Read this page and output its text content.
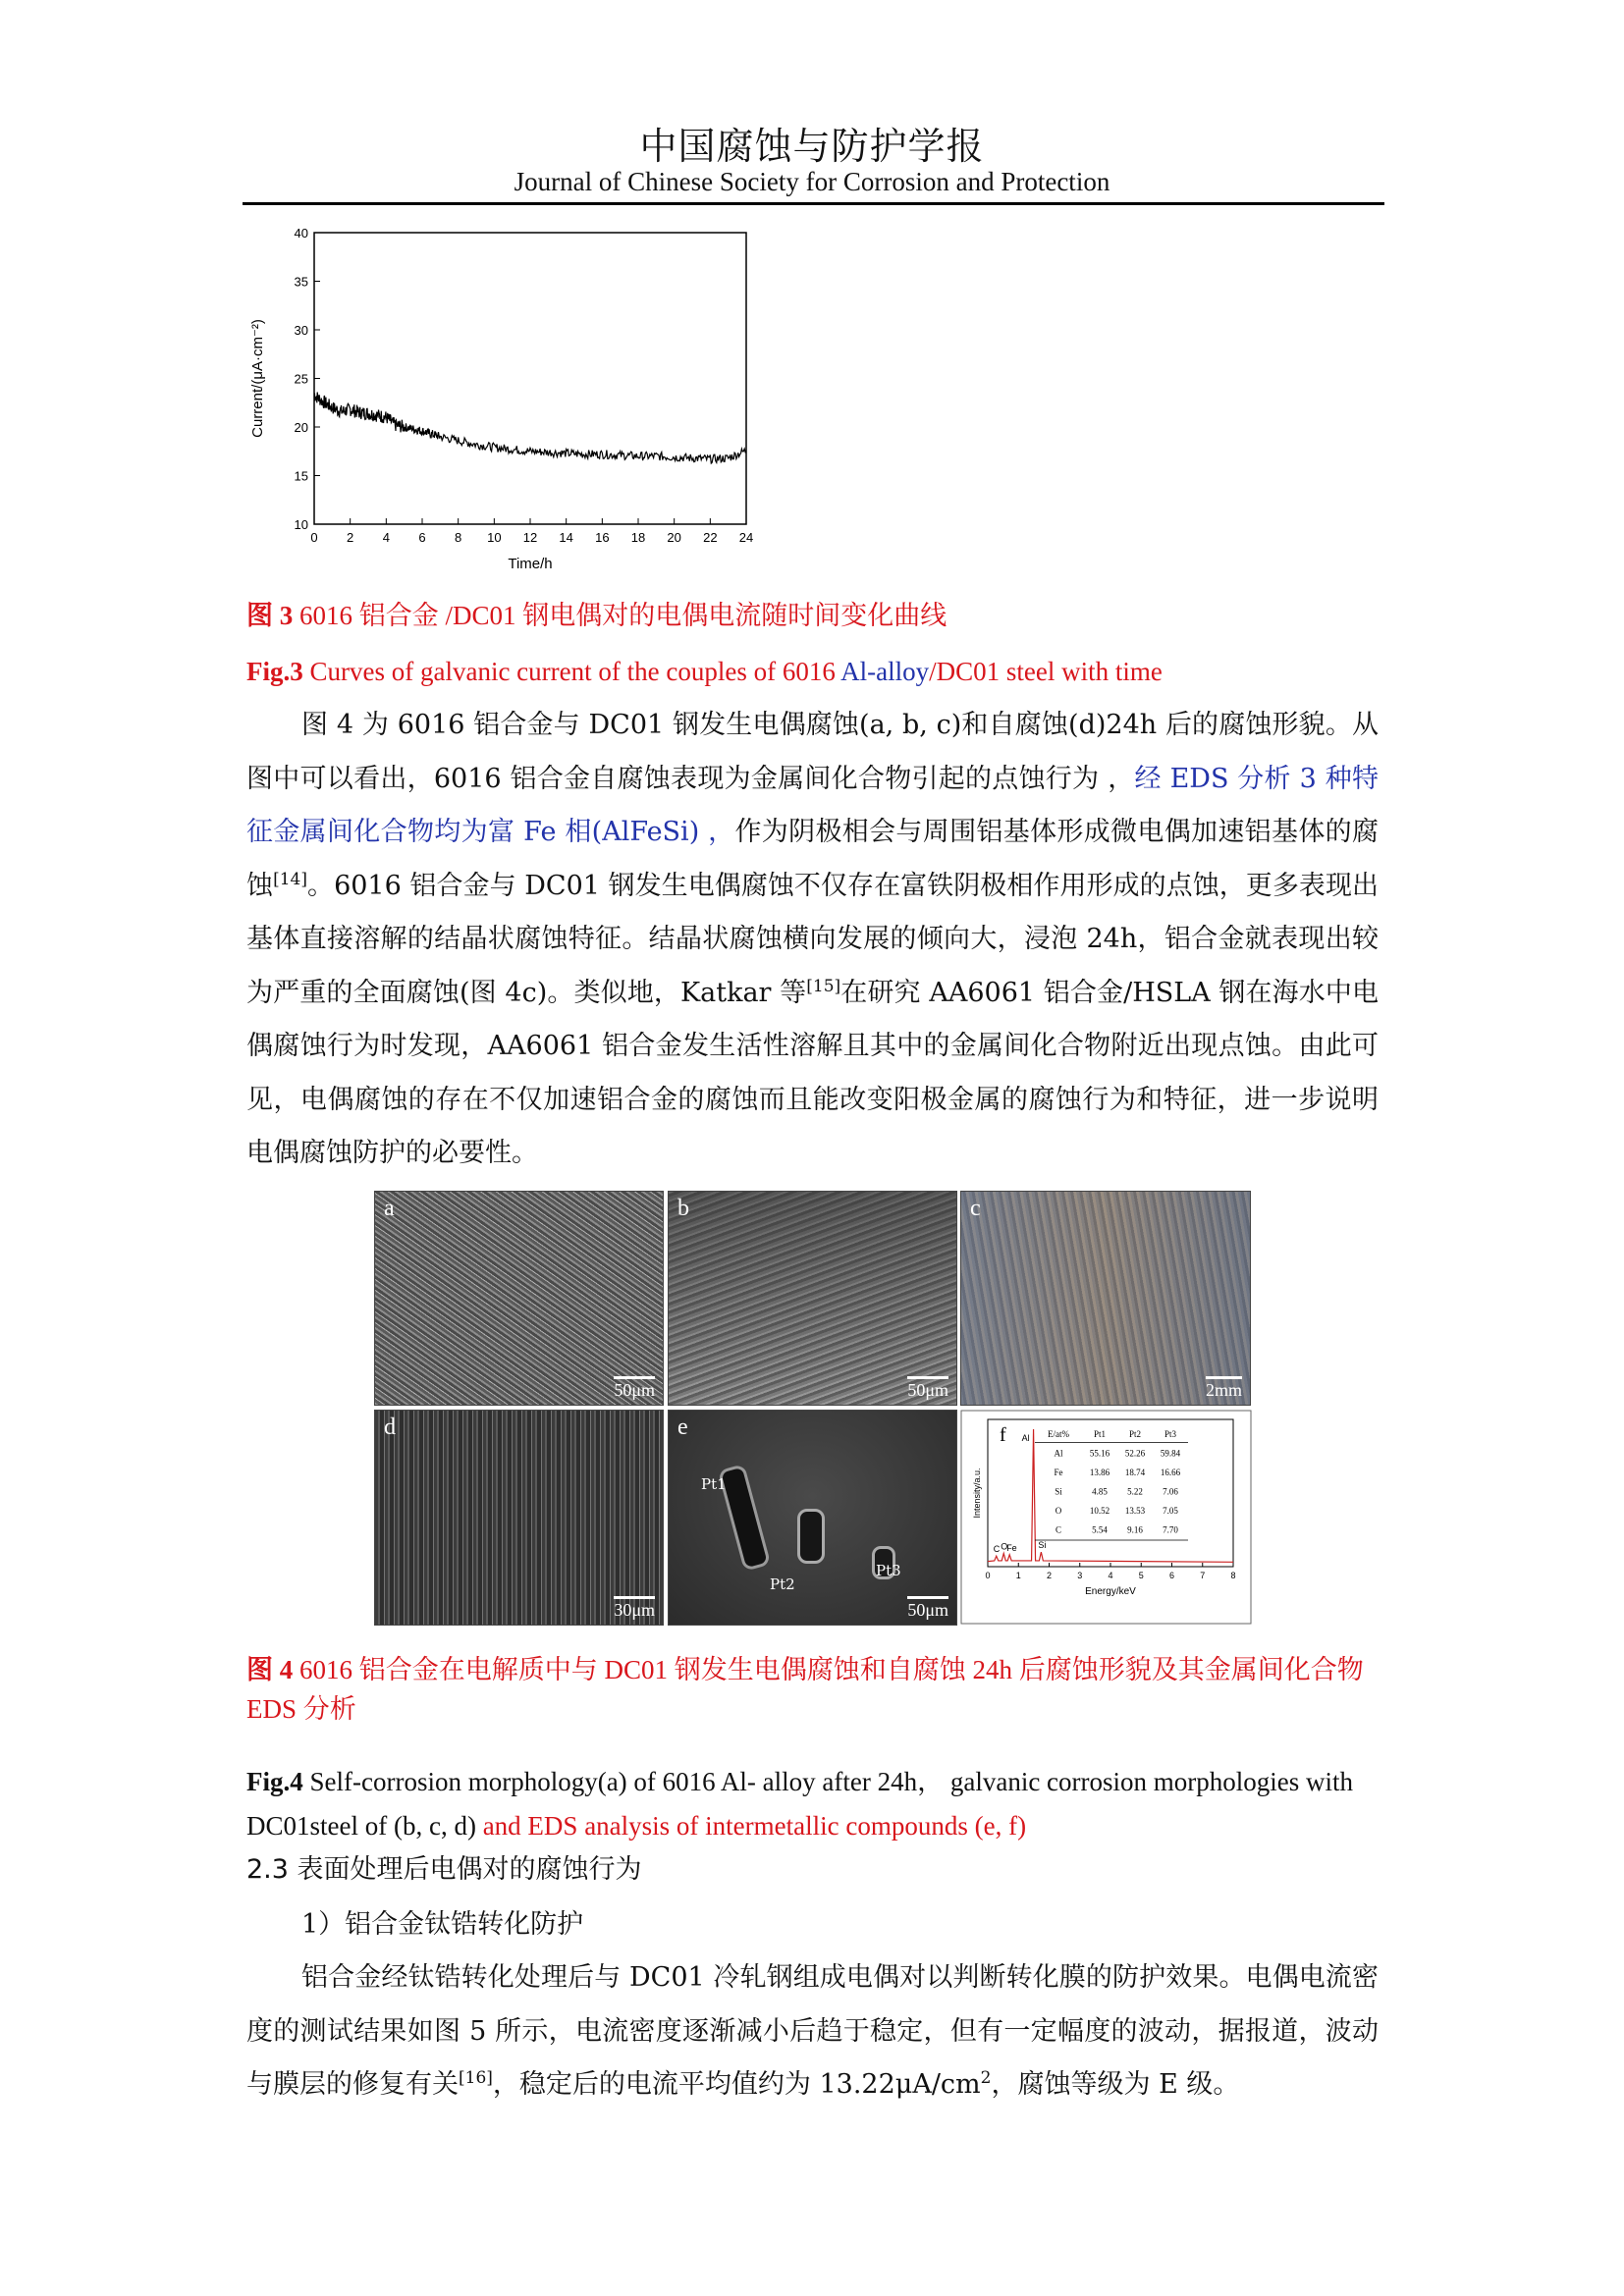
中国腐蚀与防护学报
Journal of Chinese Society for Corrosion and Protection
0 2 4 6 8 10 12 14 16 18 20 22 24
10
15
20
25
30
35
40
Time/h
Current/(μA·cm⁻²)
图 3 6016 铝合金 /DC01 钢电偶对的电偶电流随时间变化曲线
Fig.3 Curves of galvanic current of the couples of 6016 Al-alloy/DC01 steel with time

图 4 为 6016 铝合金与 DC01 钢发生电偶腐蚀(a, b, c)和自腐蚀(d)24h 后的腐蚀形貌。从图中可以看出，6016 铝合金自腐蚀表现为金属间化合物引起的点蚀行为 ，经 EDS 分析 3 种特征金属间化合物均为富 Fe 相(AlFeSi) ，作为阴极相会与周围铝基体形成微电偶加速铝基体的腐蚀[14]。6016 铝合金与 DC01 钢发生电偶腐蚀不仅存在富铁阴极相作用形成的点蚀，更多表现出基体直接溶解的结晶状腐蚀特征。结晶状腐蚀横向发展的倾向大，浸泡 24h，铝合金就表现出较为严重的全面腐蚀(图 4c)。类似地，Katkar 等[15]在研究 AA6061 铝合金/HSLA 钢在海水中电偶腐蚀行为时发现，AA6061 铝合金发生活性溶解且其中的金属间化合物附近出现点蚀。由此可见，电偶腐蚀的存在不仅加速铝合金的腐蚀而且能改变阳极金属的腐蚀行为和特征，进一步说明电偶腐蚀防护的必要性。

a
50μm
b
50μm
c
2mm
d
30μm
e
Pt1
Pt2
Pt3
50μm
0	1	2	3	4	5	6	7	8
Energy/keV
Intensity/a.u.
f
C O
Fe
Al
Si
E/at%	Pt1	Pt2	Pt3
Al	55.16 52.26 59.84
Fe	13.86 18.74 16.66
Si	4.85 5.22 7.06
O	10.52 13.53 7.05
C	5.54 9.16 7.70
图 4 6016 铝合金在电解质中与 DC01 钢发生电偶腐蚀和自腐蚀 24h 后腐蚀形貌及其金属间化合物 EDS 分析
Fig.4 Self-corrosion morphology(a) of 6016 Al- alloy after 24h， galvanic corrosion morphologies with DC01steel of (b, c, d) and EDS analysis of intermetallic compounds (e, f)
2.3 表面处理后电偶对的腐蚀行为
1）铝合金钛锆转化防护

铝合金经钛锆转化处理后与 DC01 冷轧钢组成电偶对以判断转化膜的防护效果。电偶电流密度的测试结果如图 5 所示，电流密度逐渐减小后趋于稳定，但有一定幅度的波动，据报道，波动与膜层的修复有关[16]，稳定后的电流平均值约为 $13.22\mu A/cm^2$，腐蚀等级为 E 级。
